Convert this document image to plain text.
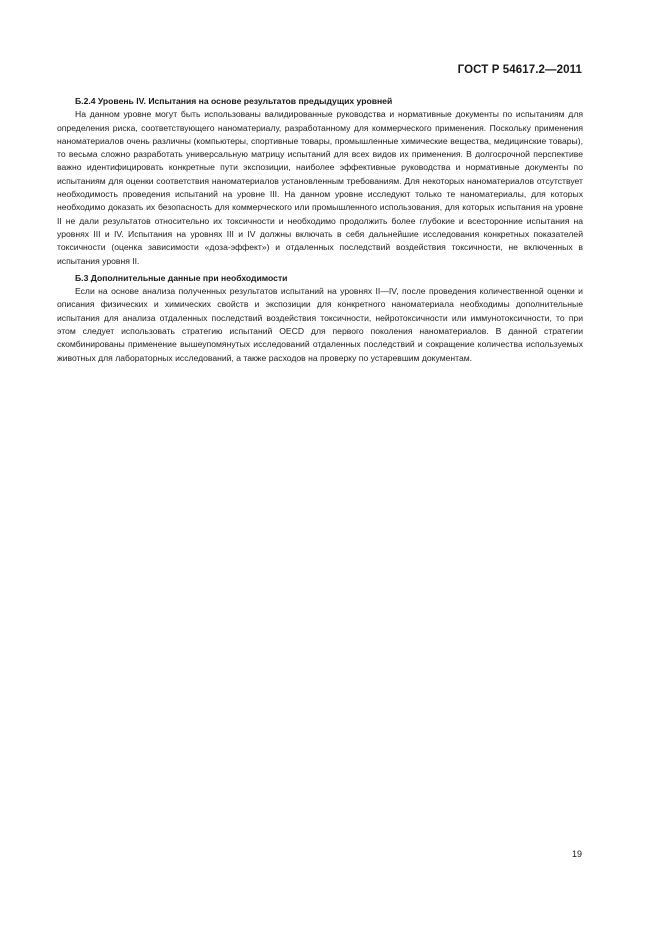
ГОСТ Р 54617.2—2011

Б.2.4 Уровень IV. Испытания на основе результатов предыдущих уровней

На данном уровне могут быть использованы валидированные руководства и нормативные документы по испытаниям для определения риска, соответствующего наноматериалу, разработанному для коммерческого применения. Поскольку применения наноматериалов очень различны (компьютеры, спортивные товары, промышленные химические вещества, медицинские товары), то весьма сложно разработать универсальную матрицу испытаний для всех видов их применения. В долгосрочной перспективе важно идентифицировать конкретные пути экспозиции, наиболее эффективные руководства и нормативные документы по испытаниям для оценки соответствия наноматериалов установленным требованиям. Для некоторых наноматериалов отсутствует необходимость проведения испытаний на уровне III. На данном уровне исследуют только те наноматериалы, для которых необходимо доказать их безопасность для коммерческого или промышленного использования, для которых испытания на уровне II не дали результатов относительно их токсичности и необходимо продолжить более глубокие и всесторонние испытания на уровнях III и IV. Испытания на уровнях III и IV должны включать в себя дальнейшие исследования конкретных показателей токсичности (оценка зависимости «доза-эффект») и отдаленных последствий воздействия токсичности, не включенных в испытания уровня II.

Б.3 Дополнительные данные при необходимости

Если на основе анализа полученных результатов испытаний на уровнях II—IV, после проведения количественной оценки и описания физических и химических свойств и экспозиции для конкретного наноматериала необходимы дополнительные испытания для анализа отдаленных последствий воздействия токсичности, нейротоксичности или иммунотоксичности, то при этом следует использовать стратегию испытаний OECD для первого поколения наноматериалов. В данной стратегии скомбинированы применение вышеупомянутых исследований отдаленных последствий и сокращение количества используемых животных для лабораторных исследований, а также расходов на проверку по устаревшим документам.

19
